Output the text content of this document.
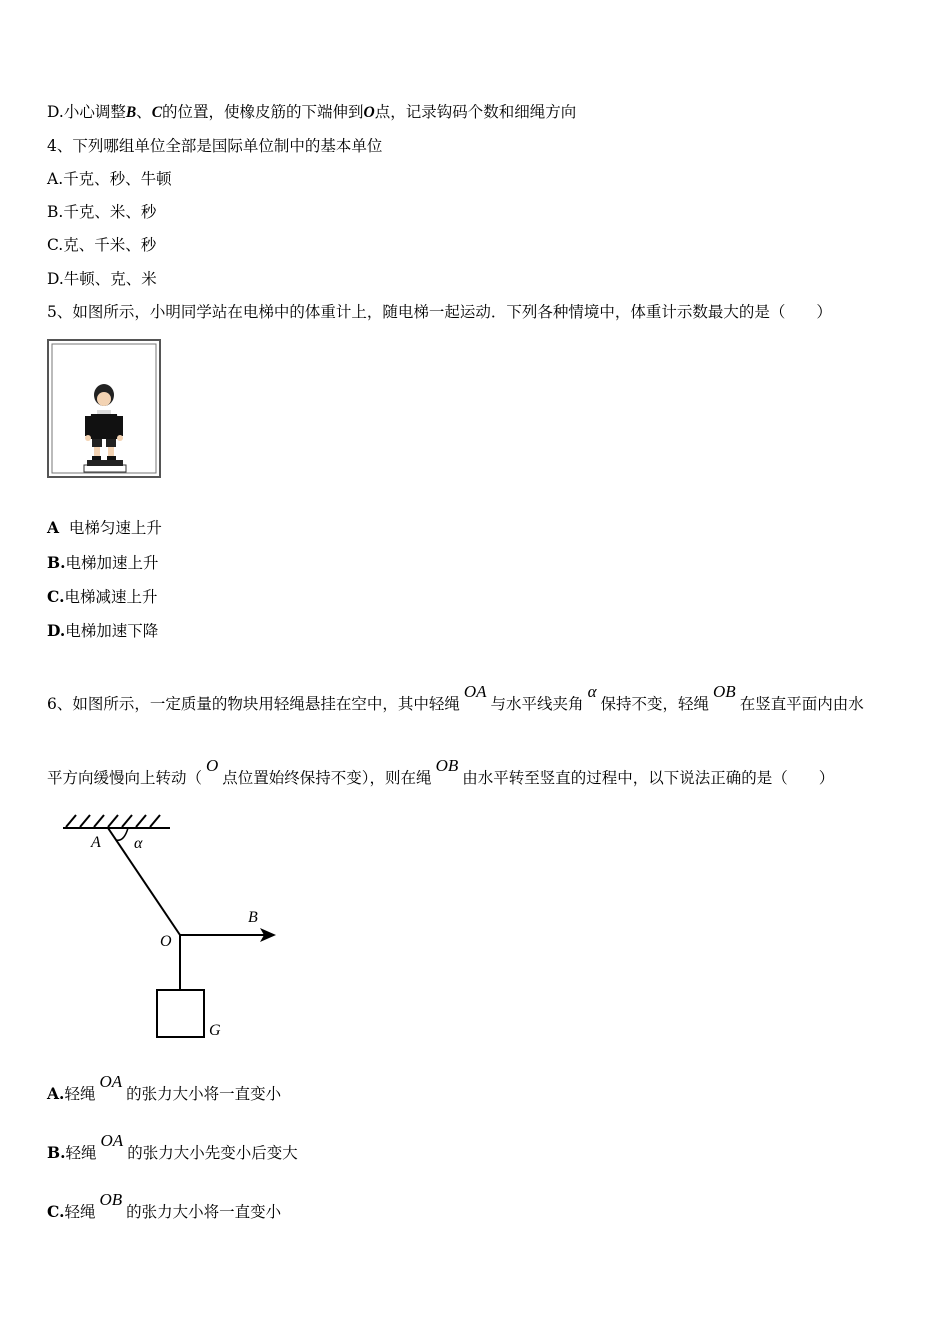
D.小心调整B、C的位置，使橡皮筋的下端伸到O点，记录钩码个数和细绳方向
4、下列哪组单位全部是国际单位制中的基本单位
A.千克、秒、牛顿
B.千克、米、秒
C.克、千米、秒
D.牛顿、克、米
5、如图所示，小明同学站在电梯中的体重计上，随电梯一起运动．下列各种情境中，体重计示数最大的是（　　）
A  电梯匀速上升
B.电梯加速上升
C.电梯减速上升
D.电梯加速下降
6、如图所示，一定质量的物块用轻绳悬挂在空中，其中轻绳OA与水平线夹角α保持不变，轻绳OB在竖直平面内由水
平方向缓慢向上转动（O点位置始终保持不变），则在绳OB由水平转至竖直的过程中，以下说法正确的是（　　）
A α
B
O
G
A.轻绳OA的张力大小将一直变小
B.轻绳OA的张力大小先变小后变大
C.轻绳OB的张力大小将一直变小
